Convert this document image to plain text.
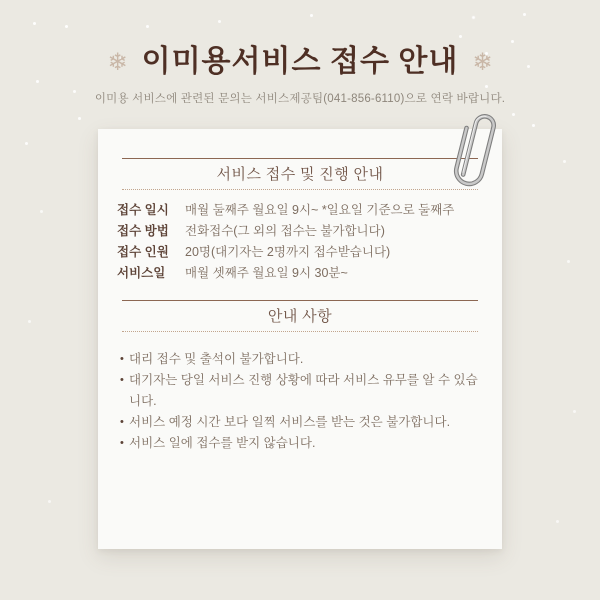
❄ 이미용서비스 접수 안내 ❄

이미용 서비스에 관련된 문의는 서비스제공팀(041-856-6110)으로 연락 바랍니다.

서비스 접수 및 진행 안내
접수 일시	매월 둘째주 월요일 9시~ *일요일 기준으로 둘째주
접수 방법	전화접수(그 외의 접수는 불가합니다)
접수 인원	20명(대기자는 2명까지 접수받습니다)
서비스일	매월 셋째주 월요일 9시 30분~
안내 사항
• 대리 접수 및 출석이 불가합니다.
• 대기자는 당일 서비스 진행 상황에 따라 서비스 유무를 알 수 있습니다.
• 서비스 예정 시간 보다 일찍 서비스를 받는 것은 불가합니다.
• 서비스 일에 접수를 받지 않습니다.
